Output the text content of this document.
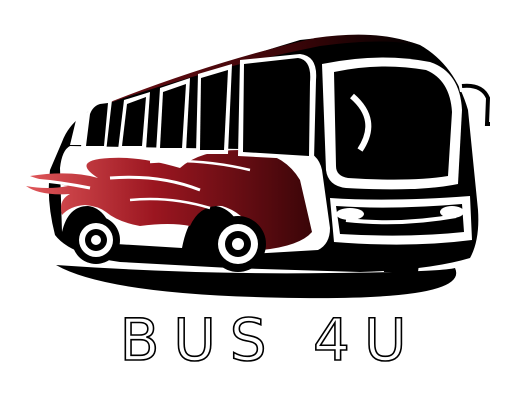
BUS 4U
